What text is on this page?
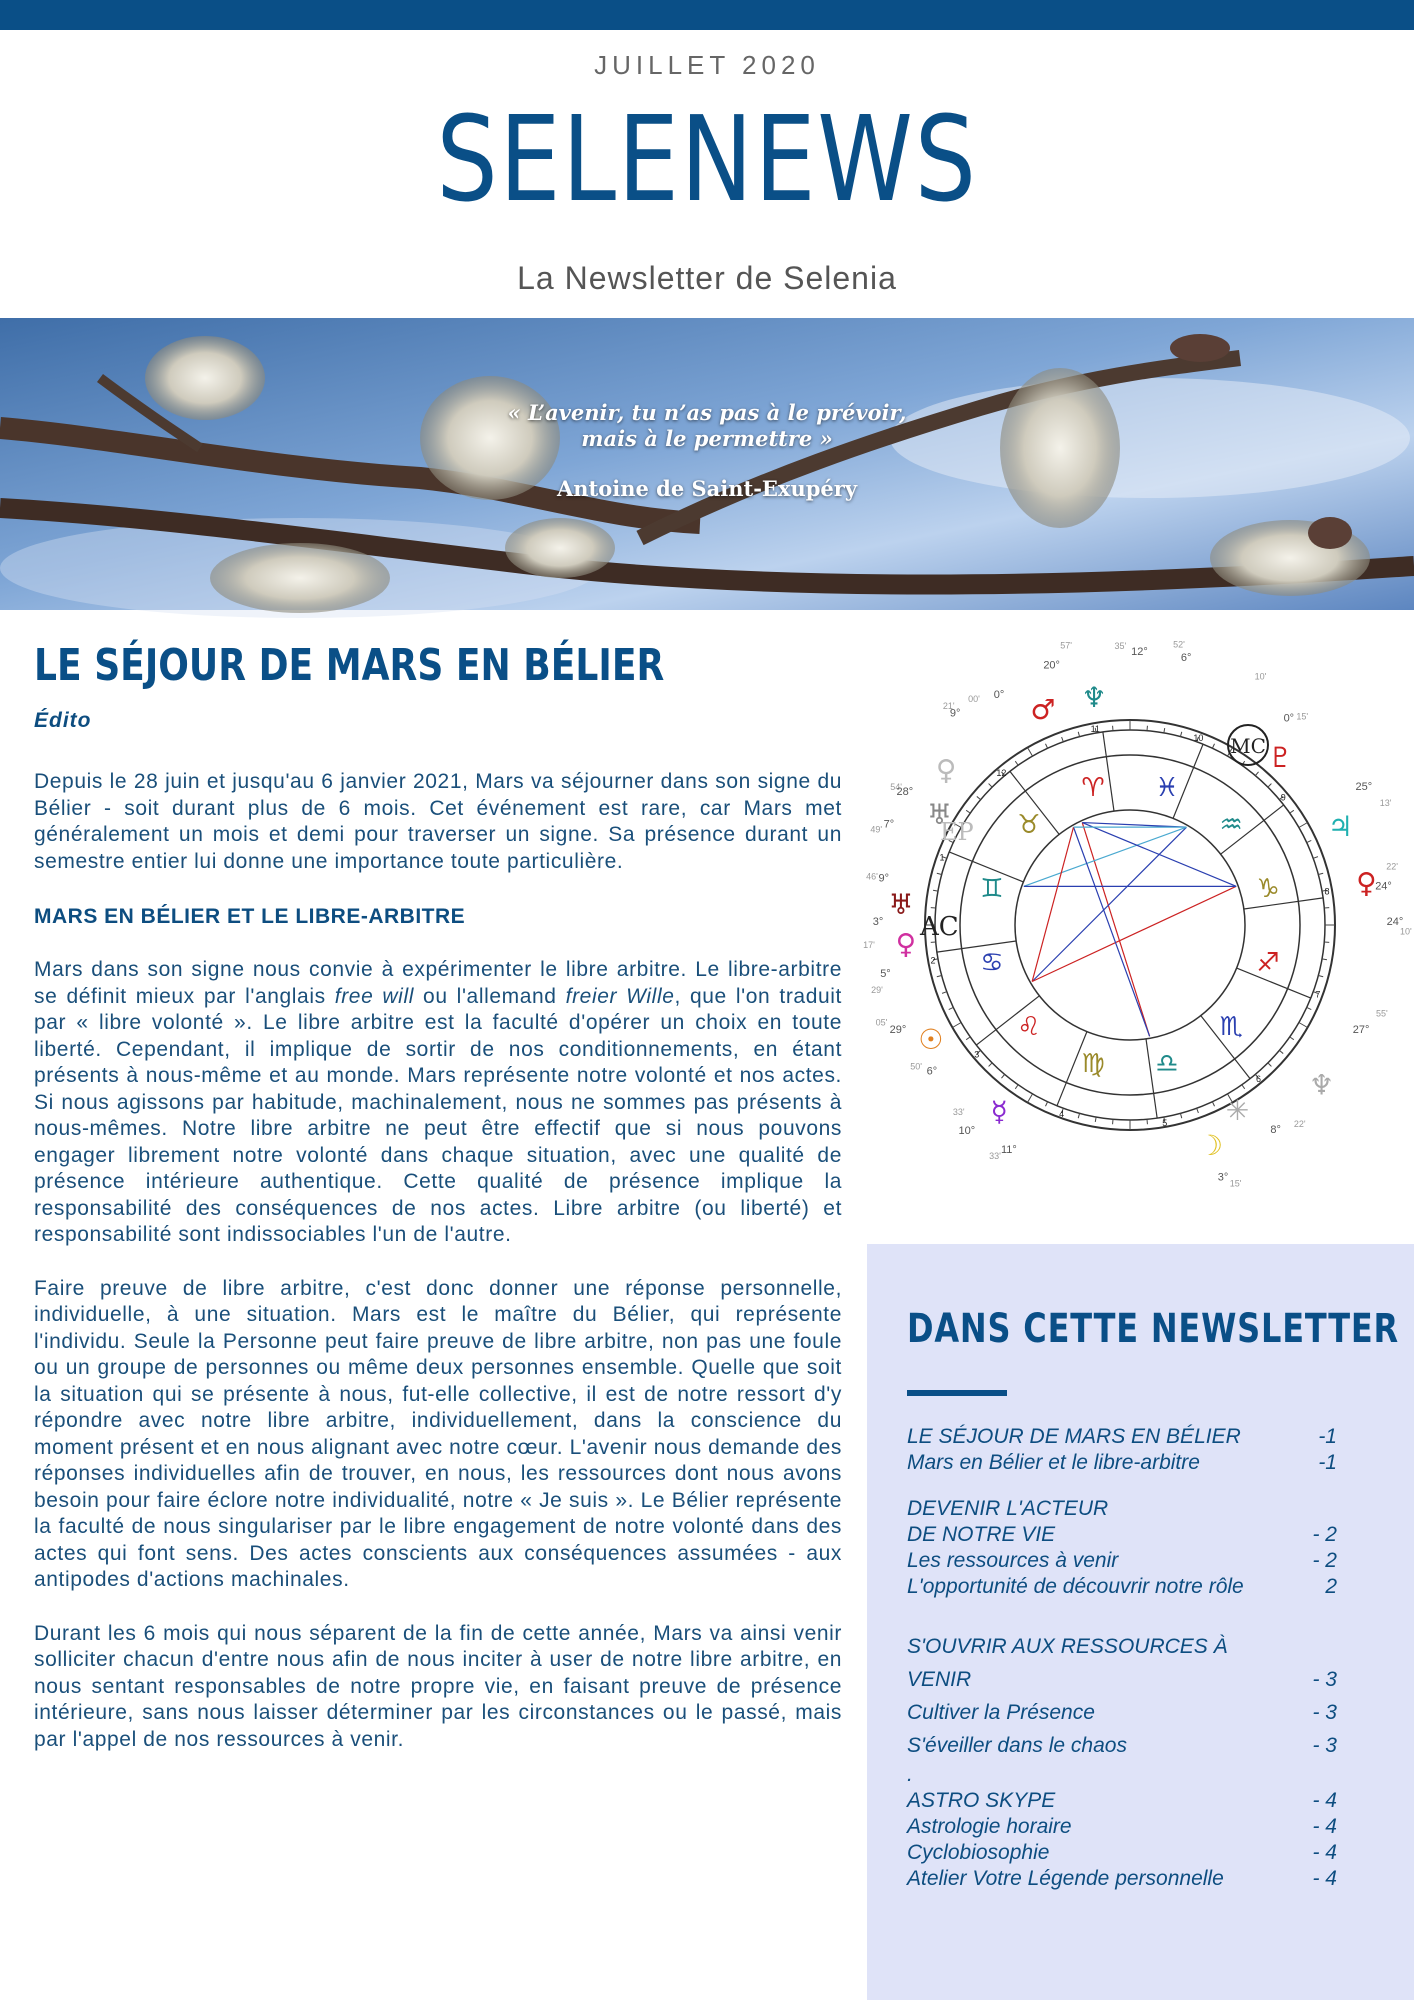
JUILLET 2020
SELENEWS
La Newsletter de Selenia
« L’avenir, tu n’as pas à le prévoir,
mais à le permettre »
Antoine de Saint-Exupéry
LE SÉJOUR DE MARS EN BÉLIER
Édito

Depuis le 28 juin et jusqu'au 6 janvier 2021, Mars va séjourner dans son signe du Bélier - soit durant plus de 6 mois. Cet événement est rare, car Mars met généralement un mois et demi pour traverser un signe. Sa présence durant un semestre entier lui donne une importance toute particulière.

MARS EN BÉLIER ET LE LIBRE-ARBITRE

Mars dans son signe nous convie à expérimenter le libre arbitre. Le libre-arbitre se définit mieux par l'anglais free will ou l'allemand freier Wille, que l'on traduit par « libre volonté ». Le libre arbitre est la faculté d'opérer un choix en toute liberté. Cependant, il implique de sortir de nos conditionnements, en étant présents à nous-même et au monde. Mars représente notre volonté et nos actes. Si nous agissons par habitude, machinalement, nous ne sommes pas présents à nous-mêmes. Notre libre arbitre ne peut être effectif que si nous pouvons engager librement notre volonté dans chaque situation, avec une qualité de présence intérieure authentique. Cette qualité de présence implique la responsabilité des conséquences de nos actes. Libre arbitre (ou liberté) et responsabilité sont indissociables l'un de l'autre.

Faire preuve de libre arbitre, c'est donc donner une réponse personnelle, individuelle, à une situation. Mars est le maître du Bélier, qui représente l'individu. Seule la Personne peut faire preuve de libre arbitre, non pas une foule ou un groupe de personnes ou même deux personnes ensemble. Quelle que soit la situation qui se présente à nous, fut-elle collective, il est de notre ressort d'y répondre avec notre libre arbitre, individuellement, dans la conscience du moment présent et en nous alignant avec notre cœur. L'avenir nous demande des réponses individuelles afin de trouver, en nous, les ressources dont nous avons besoin pour faire éclore notre individualité, notre « Je suis ». Le Bélier représente la faculté de nous singulariser par le libre engagement de notre volonté dans des actes qui font sens. Des actes conscients aux conséquences assumées - aux antipodes d'actions machinales.

Durant les 6 mois qui nous séparent de la fin de cette année, Mars va ainsi venir solliciter chacun d'entre nous afin de nous inciter à user de notre libre arbitre, en nous sentant responsables de notre propre vie, en faisant preuve de présence intérieure, sans nous laisser déterminer par les circonstances ou le passé, mais par l'appel de nos ressources à venir.

11
10
9
8
7
6
5
4
3
2
1
12
♓
♒
♑
♐
♏
♎
♍
♌
♋
♊
♉
♈
♂ ♆
♀	♇
♃
♀
♅
♅
♀
☉
☿
☽
✳
♆
20°
57'	35' 12°
52'
6°
00' 0°
21'
9°
10'
15'
0°
13'
25°
54'
28°
24°
22'
49' 7°
24°
10'
46' 9°
17'
3°
29'
5°
05'
29°
50' 6°
10°
33'
11°
33'
27°
55'
8° 22'
3° 15'
AC
MC
EP
DANS CETTE NEWSLETTER
LE SÉJOUR DE MARS EN BÉLIER	-1
Mars en Bélier et le libre-arbitre	-1
DEVENIR L'ACTEUR
DE NOTRE VIE	- 2
Les ressources à venir	- 2
L'opportunité de découvrir notre rôle	2
S'OUVRIR AUX RESSOURCES À
VENIR	- 3
Cultiver la Présence	- 3
S'éveiller dans le chaos	- 3
.
ASTRO SKYPE	- 4
Astrologie horaire	- 4
Cyclobiosophie	- 4
Atelier Votre Légende personnelle	- 4
